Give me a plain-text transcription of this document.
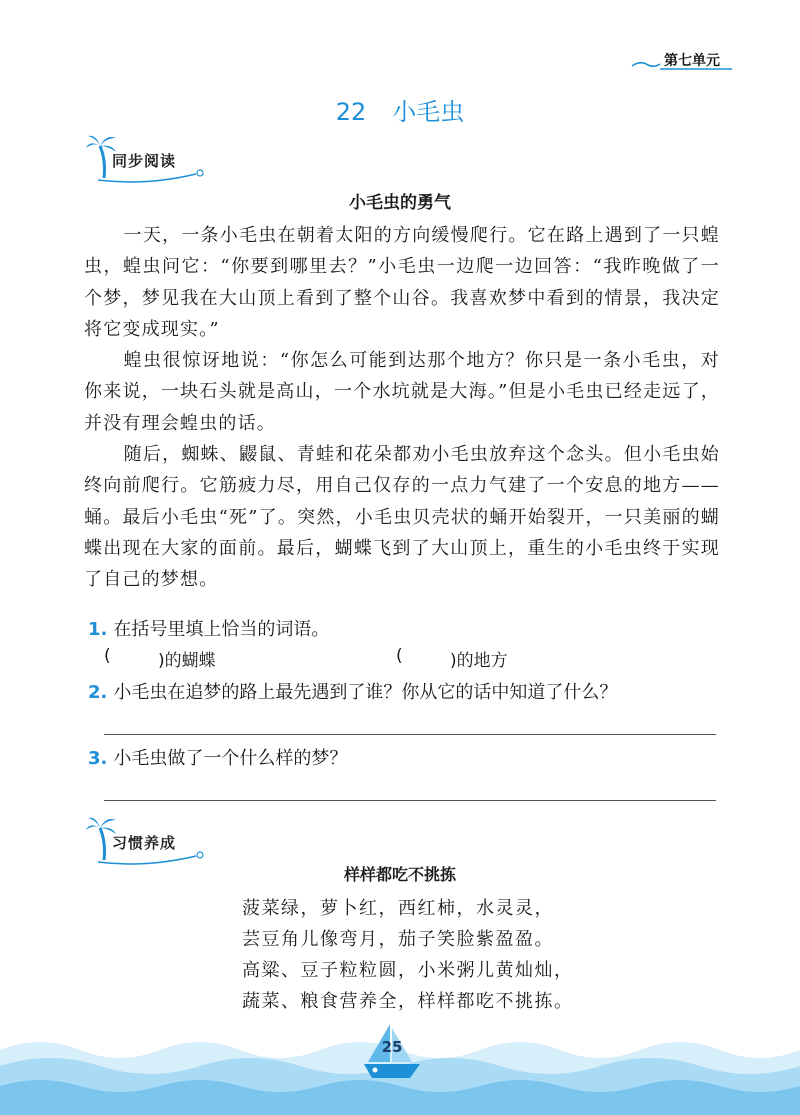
第七单元
22 小毛虫
同步阅读
小毛虫的勇气

一天，一条小毛虫在朝着太阳的方向缓慢爬行。它在路上遇到了一只蝗虫，蝗虫问它：“你要到哪里去？”小毛虫一边爬一边回答：“我昨晚做了一个梦，梦见我在大山顶上看到了整个山谷。我喜欢梦中看到的情景，我决定将它变成现实。”

蝗虫很惊讶地说：“你怎么可能到达那个地方？你只是一条小毛虫，对你来说，一块石头就是高山，一个水坑就是大海。”但是小毛虫已经走远了，并没有理会蝗虫的话。

随后，蜘蛛、鼹鼠、青蛙和花朵都劝小毛虫放弃这个念头。但小毛虫始终向前爬行。它筋疲力尽，用自己仅存的一点力气建了一个安息的地方——蛹。最后小毛虫“死”了。突然，小毛虫贝壳状的蛹开始裂开，一只美丽的蝴蝶出现在大家的面前。最后，蝴蝶飞到了大山顶上，重生的小毛虫终于实现了自己的梦想。

1. 在括号里填上恰当的词语。
(	)的蝴蝶	(	)的地方
2. 小毛虫在追梦的路上最先遇到了谁？你从它的话中知道了什么？
3. 小毛虫做了一个什么样的梦？
习惯养成
样样都吃不挑拣
菠菜绿，萝卜红，西红柿，水灵灵，
芸豆角儿像弯月，茄子笑脸紫盈盈。
高粱、豆子粒粒圆，小米粥儿黄灿灿，
蔬菜、粮食营养全，样样都吃不挑拣。
25
